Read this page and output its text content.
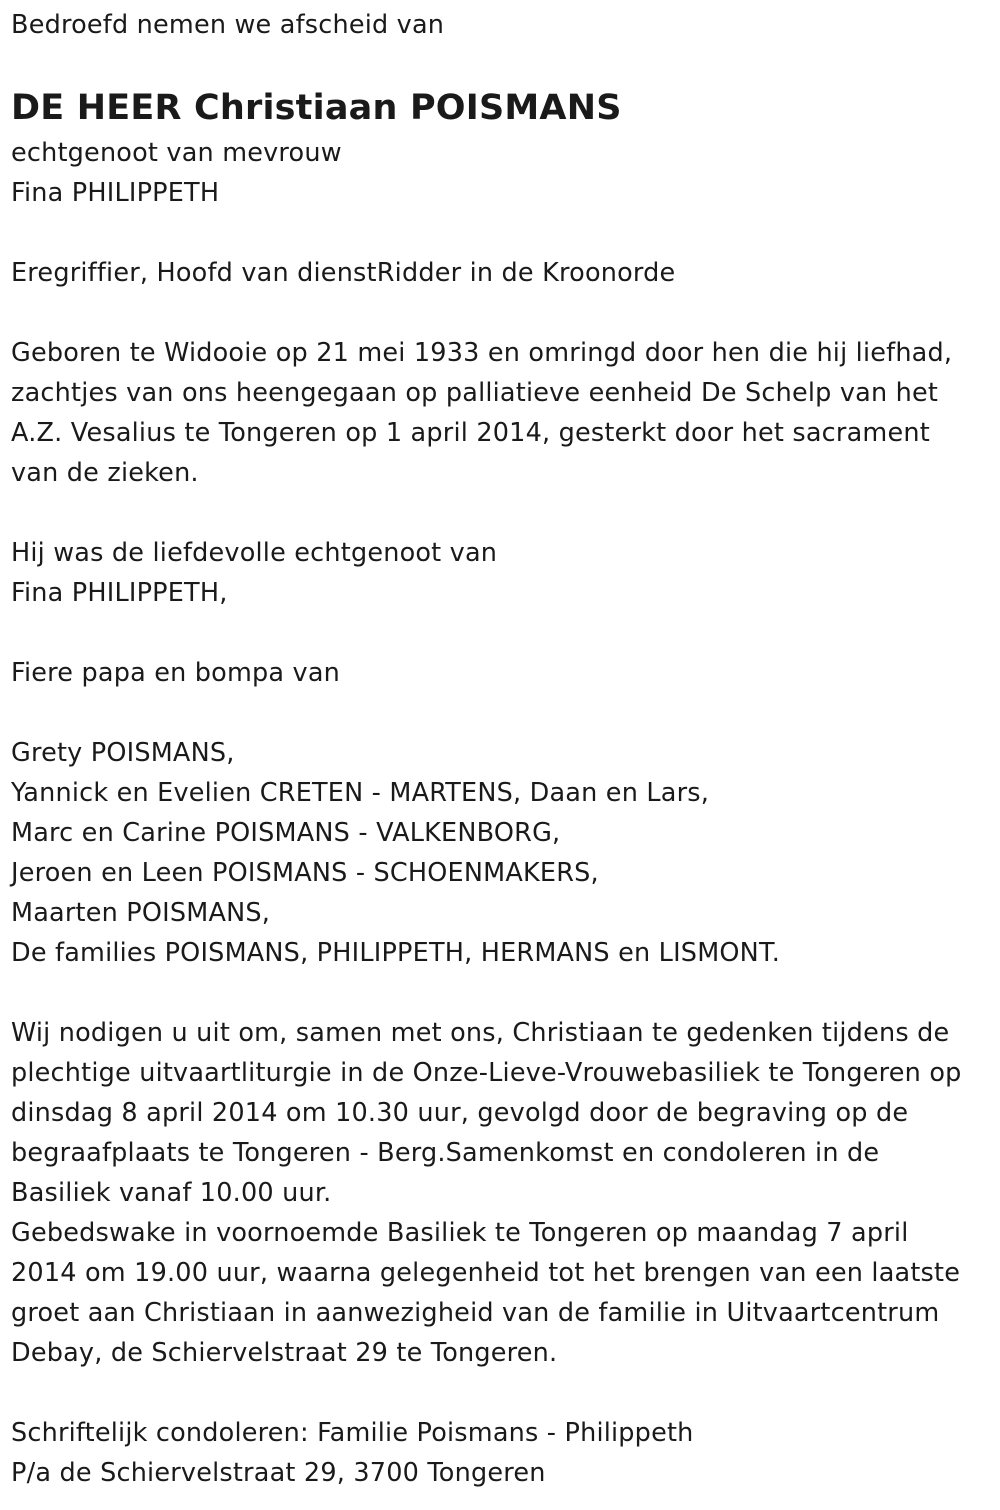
Bedroefd nemen we afscheid van
DE HEER Christiaan POISMANS
echtgenoot van mevrouw
Fina PHILIPPETH
Eregriffier, Hoofd van dienstRidder in de Kroonorde
Geboren te Widooie op 21 mei 1933 en omringd door hen die hij liefhad,
zachtjes van ons heengegaan op palliatieve eenheid De Schelp van het
A.Z. Vesalius te Tongeren op 1 april 2014, gesterkt door het sacrament
van de zieken.
Hij was de liefdevolle echtgenoot van
Fina PHILIPPETH,
Fiere papa en bompa van
Grety POISMANS,
Yannick en Evelien CRETEN - MARTENS, Daan en Lars,
Marc en Carine POISMANS - VALKENBORG,
Jeroen en Leen POISMANS - SCHOENMAKERS,
Maarten POISMANS,
De families POISMANS, PHILIPPETH, HERMANS en LISMONT.
Wij nodigen u uit om, samen met ons, Christiaan te gedenken tijdens de
plechtige uitvaartliturgie in de Onze-Lieve-Vrouwebasiliek te Tongeren op
dinsdag 8 april 2014 om 10.30 uur, gevolgd door de begraving op de
begraafplaats te Tongeren - Berg.Samenkomst en condoleren in de
Basiliek vanaf 10.00 uur.
Gebedswake in voornoemde Basiliek te Tongeren op maandag 7 april
2014 om 19.00 uur, waarna gelegenheid tot het brengen van een laatste
groet aan Christiaan in aanwezigheid van de familie in Uitvaartcentrum
Debay, de Schiervelstraat 29 te Tongeren.
Schriftelijk condoleren: Familie Poismans - Philippeth
P/a de Schiervelstraat 29, 3700 Tongeren
